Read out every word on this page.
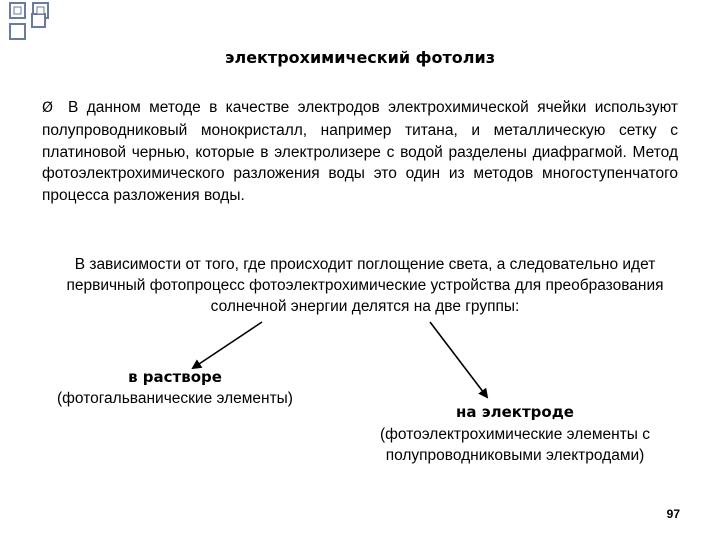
электрохимический фотолиз

Ø В данном методе в качестве электродов электрохимической ячейки используют полупроводниковый монокристалл, например титана, и металлическую сетку с платиновой чернью, которые в электролизере с водой разделены диафрагмой. Метод фотоэлектрохимического разложения воды это один из методов многоступенчатого процесса разложения воды.

В зависимости от того, где происходит поглощение света, а следовательно идет первичный фотопроцесс фотоэлектрохимические устройства для преобразования солнечной энергии делятся на две группы:

в растворе
(фотогальванические элементы)
на электроде
(фотоэлектрохимические элементы с полупроводниковыми электродами)
97
